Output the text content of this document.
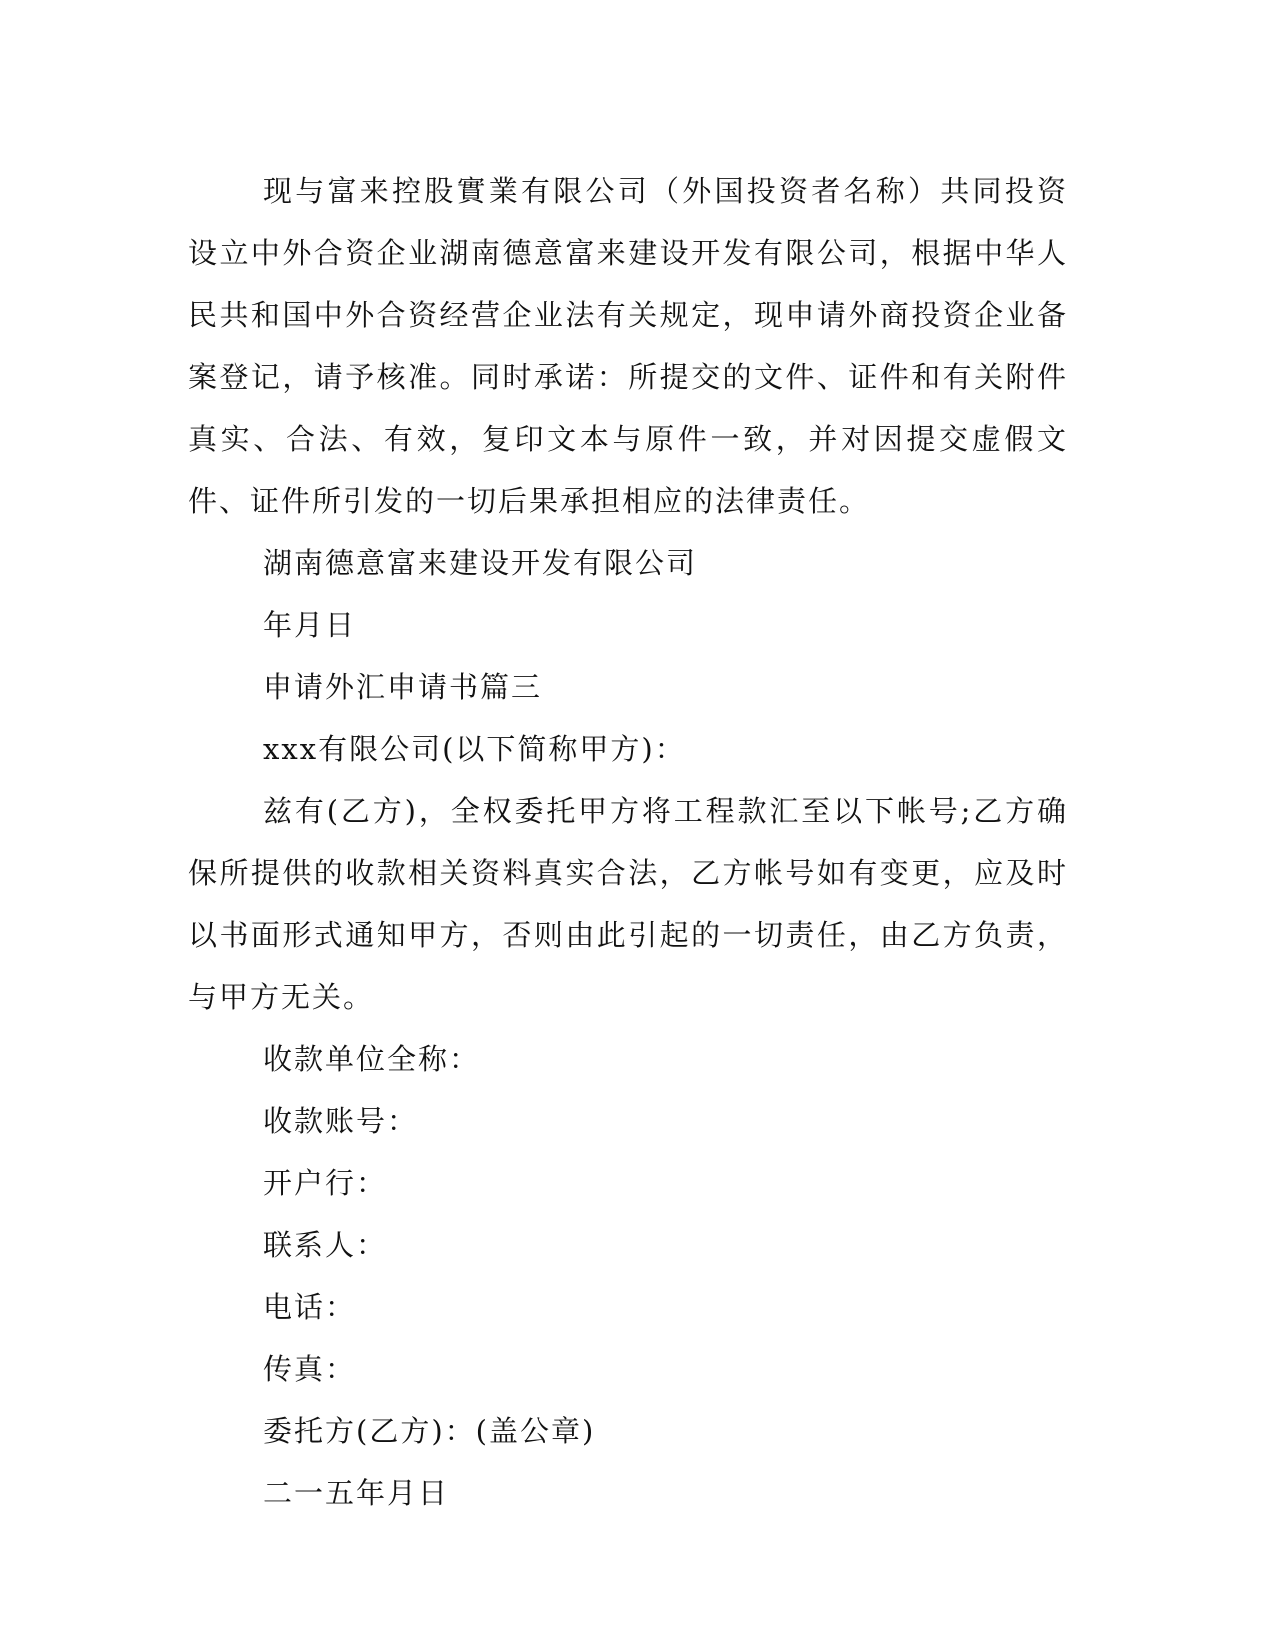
现与富来控股實業有限公司（外国投资者名称）共同投资设立中外合资企业湖南德意富来建设开发有限公司，根据中华人民共和国中外合资经营企业法有关规定，现申请外商投资企业备案登记，请予核准。同时承诺：所提交的文件、证件和有关附件真实、合法、有效，复印文本与原件一致，并对因提交虚假文件、证件所引发的一切后果承担相应的法律责任。

湖南德意富来建设开发有限公司

年月日

申请外汇申请书篇三

xxx有限公司(以下简称甲方)：

兹有(乙方)，全权委托甲方将工程款汇至以下帐号;乙方确保所提供的收款相关资料真实合法，乙方帐号如有变更，应及时以书面形式通知甲方，否则由此引起的一切责任，由乙方负责，与甲方无关。

收款单位全称：

收款账号：

开户行：

联系人：

电话：

传真：

委托方(乙方)：(盖公章)

二一五年月日
